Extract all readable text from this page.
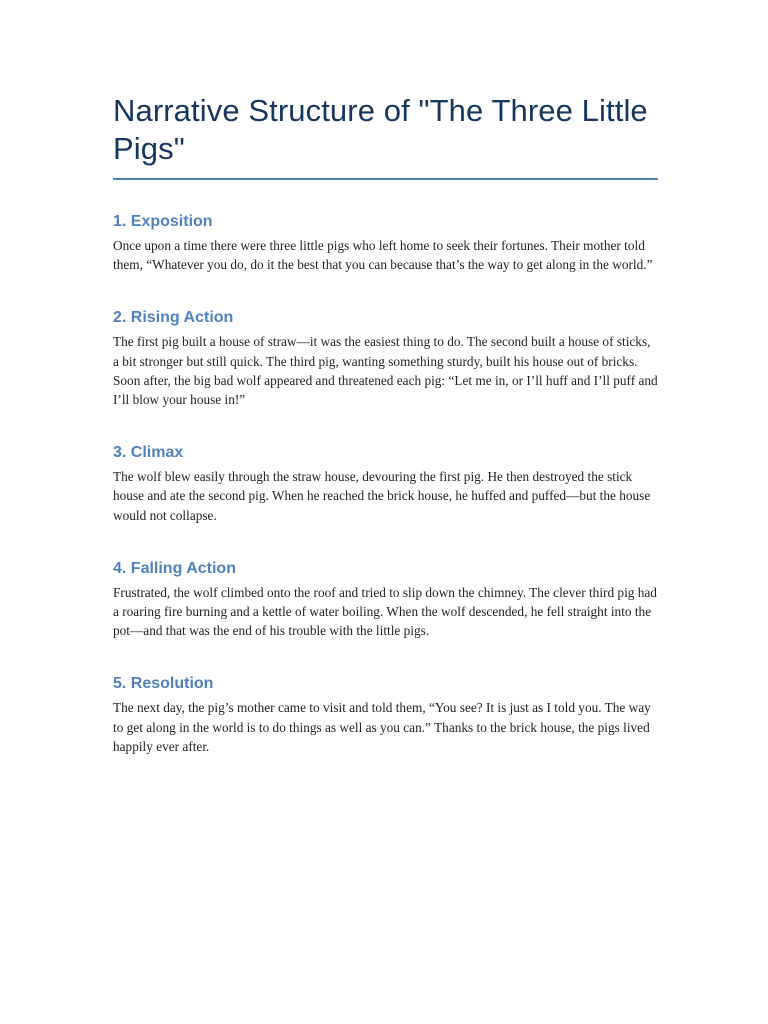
Narrative Structure of "The Three Little Pigs"
1. Exposition

Once upon a time there were three little pigs who left home to seek their fortunes. Their mother told them, “Whatever you do, do it the best that you can because that’s the way to get along in the world.”

2. Rising Action

The first pig built a house of straw—it was the easiest thing to do. The second built a house of sticks, a bit stronger but still quick. The third pig, wanting something sturdy, built his house out of bricks. Soon after, the big bad wolf appeared and threatened each pig: “Let me in, or I’ll huff and I’ll puff and I’ll blow your house in!”

3. Climax

The wolf blew easily through the straw house, devouring the first pig. He then destroyed the stick house and ate the second pig. When he reached the brick house, he huffed and puffed—but the house would not collapse.

4. Falling Action

Frustrated, the wolf climbed onto the roof and tried to slip down the chimney. The clever third pig had a roaring fire burning and a kettle of water boiling. When the wolf descended, he fell straight into the pot—and that was the end of his trouble with the little pigs.

5. Resolution

The next day, the pig’s mother came to visit and told them, “You see? It is just as I told you. The way to get along in the world is to do things as well as you can.” Thanks to the brick house, the pigs lived happily ever after.
